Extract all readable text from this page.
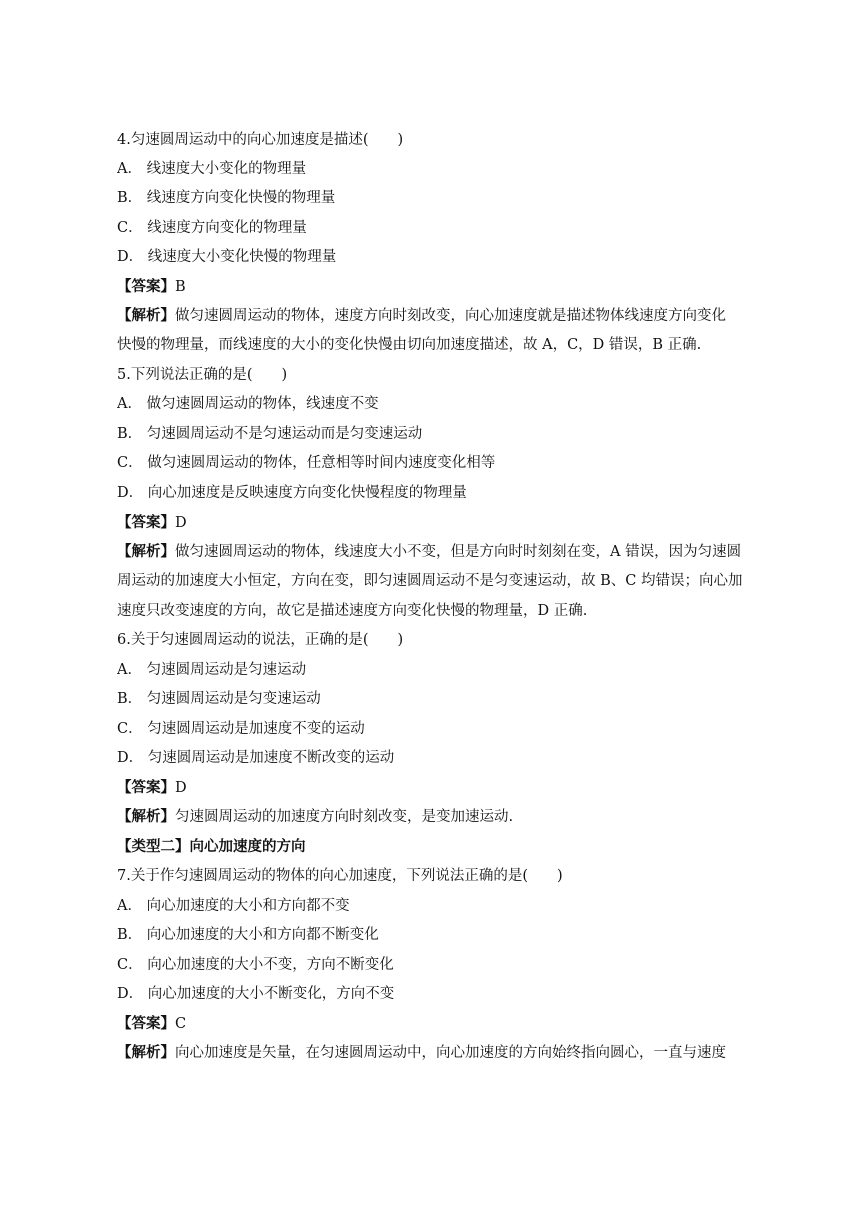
4.匀速圆周运动中的向心加速度是描述(　　)
A． 线速度大小变化的物理量
B． 线速度方向变化快慢的物理量
C． 线速度方向变化的物理量
D． 线速度大小变化快慢的物理量
【答案】B
【解析】做匀速圆周运动的物体，速度方向时刻改变，向心加速度就是描述物体线速度方向变化
快慢的物理量，而线速度的大小的变化快慢由切向加速度描述，故 A，C，D 错误，B 正确.
5.下列说法正确的是(　　)
A． 做匀速圆周运动的物体，线速度不变
B． 匀速圆周运动不是匀速运动而是匀变速运动
C． 做匀速圆周运动的物体，任意相等时间内速度变化相等
D． 向心加速度是反映速度方向变化快慢程度的物理量
【答案】D
【解析】做匀速圆周运动的物体，线速度大小不变，但是方向时时刻刻在变，A 错误，因为匀速圆
周运动的加速度大小恒定，方向在变，即匀速圆周运动不是匀变速运动，故 B、C 均错误；向心加
速度只改变速度的方向，故它是描述速度方向变化快慢的物理量，D 正确.
6.关于匀速圆周运动的说法，正确的是(　　)
A． 匀速圆周运动是匀速运动
B． 匀速圆周运动是匀变速运动
C． 匀速圆周运动是加速度不变的运动
D． 匀速圆周运动是加速度不断改变的运动
【答案】D
【解析】匀速圆周运动的加速度方向时刻改变，是变加速运动.
【类型二】向心加速度的方向
7.关于作匀速圆周运动的物体的向心加速度，下列说法正确的是(　　)
A． 向心加速度的大小和方向都不变
B． 向心加速度的大小和方向都不断变化
C． 向心加速度的大小不变，方向不断变化
D． 向心加速度的大小不断变化，方向不变
【答案】C
【解析】向心加速度是矢量，在匀速圆周运动中，向心加速度的方向始终指向圆心，一直与速度
